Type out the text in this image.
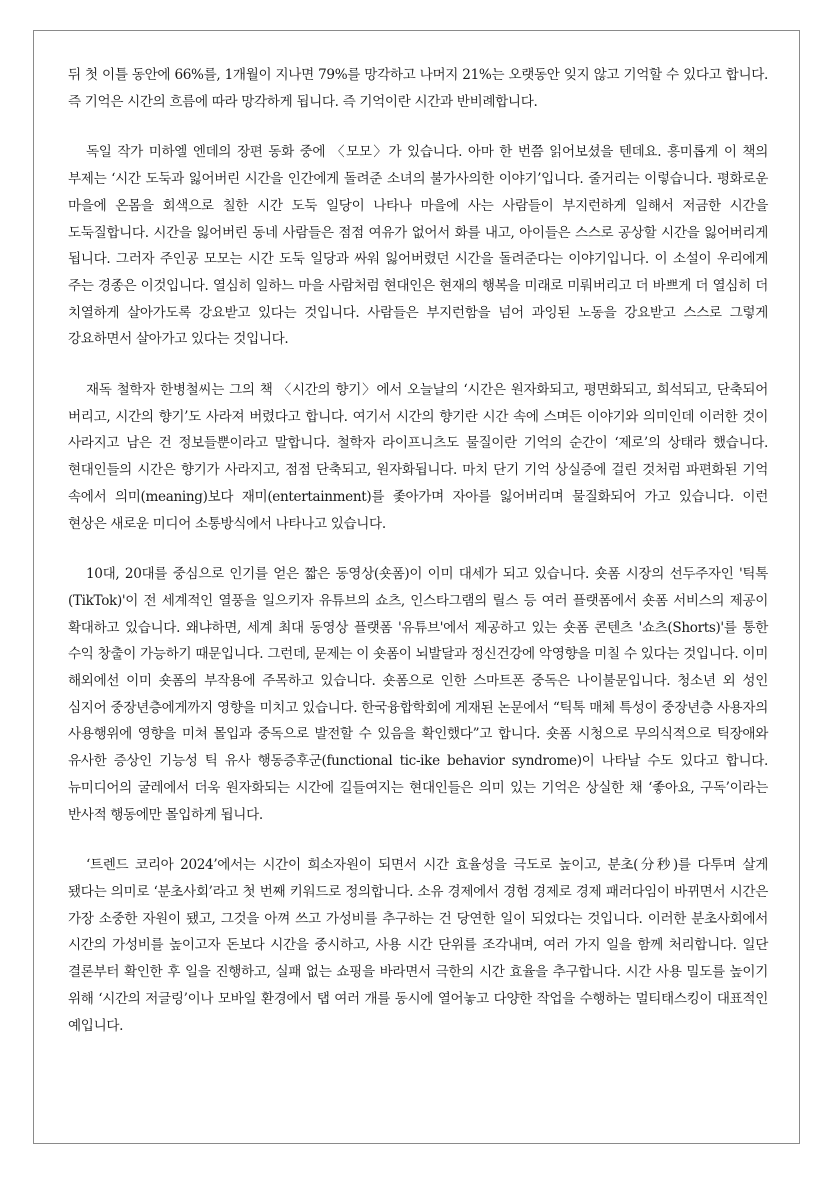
뒤 첫 이틀 동안에 66%를, 1개월이 지나면 79%를 망각하고 나머지 21%는 오랫동안 잊지 않고 기억할 수 있다고 합니다. 즉 기억은 시간의 흐름에 따라 망각하게 됩니다. 즉 기억이란 시간과 반비례합니다.

독일 작가 미하엘 엔데의 장편 동화 중에 〈모모〉가 있습니다. 아마 한 번쯤 읽어보셨을 텐데요. 흥미롭게 이 책의 부제는 ‘시간 도둑과 잃어버린 시간을 인간에게 돌려준 소녀의 불가사의한 이야기’입니다. 줄거리는 이렇습니다. 평화로운 마을에 온몸을 회색으로 칠한 시간 도둑 일당이 나타나 마을에 사는 사람들이 부지런하게 일해서 저금한 시간을 도둑질합니다. 시간을 잃어버린 동네 사람들은 점점 여유가 없어서 화를 내고, 아이들은 스스로 공상할 시간을 잃어버리게 됩니다. 그러자 주인공 모모는 시간 도둑 일당과 싸워 잃어버렸던 시간을 돌려준다는 이야기입니다. 이 소설이 우리에게 주는 경종은 이것입니다. 열심히 일하느 마을 사람처럼 현대인은 현재의 행복을 미래로 미뤄버리고 더 바쁘게 더 열심히 더 치열하게 살아가도록 강요받고 있다는 것입니다. 사람들은 부지런함을 넘어 과잉된 노동을 강요받고 스스로 그렇게 강요하면서 살아가고 있다는 것입니다.

재독 철학자 한병철씨는 그의 책 〈시간의 향기〉에서 오늘날의 ‘시간은 원자화되고, 평면화되고, 희석되고, 단축되어 버리고, 시간의 향기’도 사라져 버렸다고 합니다. 여기서 시간의 향기란 시간 속에 스며든 이야기와 의미인데 이러한 것이 사라지고 남은 건 정보들뿐이라고 말합니다. 철학자 라이프니츠도 물질이란 기억의 순간이 ‘제로’의 상태라 했습니다. 현대인들의 시간은 향기가 사라지고, 점점 단축되고, 원자화됩니다. 마치 단기 기억 상실증에 걸린 것처럼 파편화된 기억 속에서 의미(meaning)보다 재미(entertainment)를 좇아가며 자아를 잃어버리며 물질화되어 가고 있습니다. 이런 현상은 새로운 미디어 소통방식에서 나타나고 있습니다.

10대, 20대를 중심으로 인기를 얻은 짧은 동영상(숏폼)이 이미 대세가 되고 있습니다. 숏폼 시장의 선두주자인 '틱톡(TikTok)'이 전 세계적인 열풍을 일으키자 유튜브의 쇼츠, 인스타그램의 릴스 등 여러 플랫폼에서 숏폼 서비스의 제공이 확대하고 있습니다. 왜냐하면, 세계 최대 동영상 플랫폼 '유튜브'에서 제공하고 있는 숏폼 콘텐츠 '쇼츠(Shorts)'를 통한 수익 창출이 가능하기 때문입니다. 그런데, 문제는 이 숏폼이 뇌발달과 정신건강에 악영향을 미칠 수 있다는 것입니다. 이미 해외에선 이미 숏폼의 부작용에 주목하고 있습니다. 숏폼으로 인한 스마트폰 중독은 나이불문입니다. 청소년 외 성인 심지어 중장년층에게까지 영향을 미치고 있습니다. 한국융합학회에 게재된 논문에서 “틱톡 매체 특성이 중장년층 사용자의 사용행위에 영향을 미쳐 몰입과 중독으로 발전할 수 있음을 확인했다”고 합니다. 숏폼 시청으로 무의식적으로 틱장애와 유사한 증상인 기능성 틱 유사 행동증후군(functional tic-ike behavior syndrome)이 나타날 수도 있다고 합니다. 뉴미디어의 굴레에서 더욱 원자화되는 시간에 길들여지는 현대인들은 의미 있는 기억은 상실한 채 ‘좋아요, 구독’이라는 반사적 행동에만 몰입하게 됩니다.

‘트렌드 코리아 2024’에서는 시간이 희소자원이 되면서 시간 효율성을 극도로 높이고, 분초(分秒)를 다투며 살게 됐다는 의미로 ‘분초사회’라고 첫 번째 키워드로 정의합니다. 소유 경제에서 경험 경제로 경제 패러다임이 바뀌면서 시간은 가장 소중한 자원이 됐고, 그것을 아껴 쓰고 가성비를 추구하는 건 당연한 일이 되었다는 것입니다. 이러한 분초사회에서 시간의 가성비를 높이고자 돈보다 시간을 중시하고, 사용 시간 단위를 조각내며, 여러 가지 일을 함께 처리합니다. 일단 결론부터 확인한 후 일을 진행하고, 실패 없는 쇼핑을 바라면서 극한의 시간 효율을 추구합니다. 시간 사용 밀도를 높이기 위해 ‘시간의 저글링’이나 모바일 환경에서 탭 여러 개를 동시에 열어놓고 다양한 작업을 수행하는 멀티태스킹이 대표적인 예입니다.
